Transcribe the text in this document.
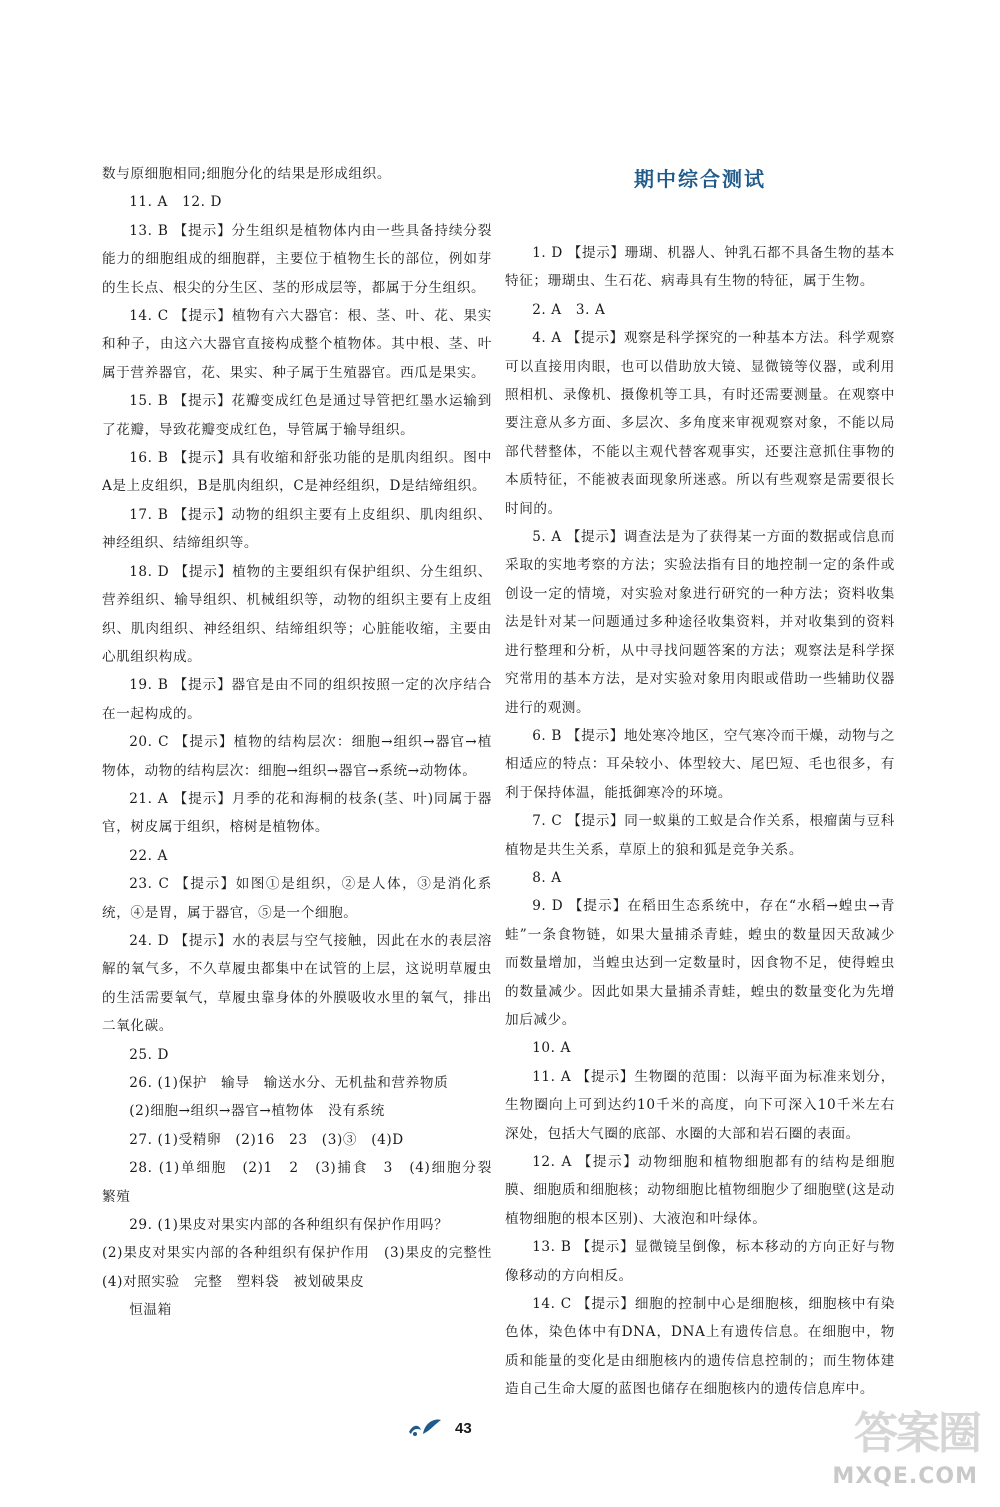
数与原细胞相同;细胞分化的结果是形成组织。

11. A　12. D

13. B 【提示】分生组织是植物体内由一些具备持续分裂能力的细胞组成的细胞群，主要位于植物生长的部位，例如芽的生长点、根尖的分生区、茎的形成层等，都属于分生组织。

14. C 【提示】植物有六大器官：根、茎、叶、花、果实和种子，由这六大器官直接构成整个植物体。其中根、茎、叶属于营养器官，花、果实、种子属于生殖器官。西瓜是果实。

15. B 【提示】花瓣变成红色是通过导管把红墨水运输到了花瓣，导致花瓣变成红色，导管属于输导组织。

16. B 【提示】具有收缩和舒张功能的是肌肉组织。图中A是上皮组织，B是肌肉组织，C是神经组织，D是结缔组织。

17. B 【提示】动物的组织主要有上皮组织、肌肉组织、神经组织、结缔组织等。

18. D 【提示】植物的主要组织有保护组织、分生组织、营养组织、输导组织、机械组织等，动物的组织主要有上皮组织、肌肉组织、神经组织、结缔组织等；心脏能收缩，主要由心肌组织构成。

19. B 【提示】器官是由不同的组织按照一定的次序结合在一起构成的。

20. C 【提示】植物的结构层次：细胞→组织→器官→植物体，动物的结构层次：细胞→组织→器官→系统→动物体。

21. A 【提示】月季的花和海桐的枝条(茎、叶)同属于器官，树皮属于组织，榕树是植物体。

22. A

23. C 【提示】如图①是组织，②是人体，③是消化系统，④是胃，属于器官，⑤是一个细胞。

24. D 【提示】水的表层与空气接触，因此在水的表层溶解的氧气多，不久草履虫都集中在试管的上层，这说明草履虫的生活需要氧气，草履虫靠身体的外膜吸收水里的氧气，排出二氧化碳。

25. D

26. (1)保护　输导　输送水分、无机盐和营养物质

(2)细胞→组织→器官→植物体　没有系统

27. (1)受精卵　(2)16　23　(3)③　(4)D

28. (1)单细胞　(2)1　2　(3)捕食　3　(4)细胞分裂　繁殖

29. (1)果皮对果实内部的各种组织有保护作用吗？

(2)果皮对果实内部的各种组织有保护作用　(3)果皮的完整性　(4)对照实验　完整　塑料袋　被划破果皮

恒温箱

期中综合测试

1. D 【提示】珊瑚、机器人、钟乳石都不具备生物的基本特征；珊瑚虫、生石花、病毒具有生物的特征，属于生物。

2. A　3. A

4. A 【提示】观察是科学探究的一种基本方法。科学观察可以直接用肉眼，也可以借助放大镜、显微镜等仪器，或利用照相机、录像机、摄像机等工具，有时还需要测量。在观察中要注意从多方面、多层次、多角度来审视观察对象，不能以局部代替整体，不能以主观代替客观事实，还要注意抓住事物的本质特征，不能被表面现象所迷惑。所以有些观察是需要很长时间的。

5. A 【提示】调查法是为了获得某一方面的数据或信息而采取的实地考察的方法；实验法指有目的地控制一定的条件或创设一定的情境，对实验对象进行研究的一种方法；资料收集法是针对某一问题通过多种途径收集资料，并对收集到的资料进行整理和分析，从中寻找问题答案的方法；观察法是科学探究常用的基本方法，是对实验对象用肉眼或借助一些辅助仪器进行的观测。

6. B 【提示】地处寒冷地区，空气寒冷而干燥，动物与之相适应的特点：耳朵较小、体型较大、尾巴短、毛也很多，有利于保持体温，能抵御寒冷的环境。

7. C 【提示】同一蚁巢的工蚁是合作关系，根瘤菌与豆科植物是共生关系，草原上的狼和狐是竞争关系。

8. A

9. D 【提示】在稻田生态系统中，存在“水稻→蝗虫→青蛙”一条食物链，如果大量捕杀青蛙，蝗虫的数量因天敌减少而数量增加，当蝗虫达到一定数量时，因食物不足，使得蝗虫的数量减少。因此如果大量捕杀青蛙，蝗虫的数量变化为先增加后减少。

10. A

11. A 【提示】生物圈的范围：以海平面为标准来划分，生物圈向上可到达约10千米的高度，向下可深入10千米左右深处，包括大气圈的底部、水圈的大部和岩石圈的表面。

12. A 【提示】动物细胞和植物细胞都有的结构是细胞膜、细胞质和细胞核；动物细胞比植物细胞少了细胞壁(这是动植物细胞的根本区别)、大液泡和叶绿体。

13. B 【提示】显微镜呈倒像，标本移动的方向正好与物像移动的方向相反。

14. C 【提示】细胞的控制中心是细胞核，细胞核中有染色体，染色体中有DNA，DNA上有遗传信息。在细胞中，物质和能量的变化是由细胞核内的遗传信息控制的；而生物体建造自己生命大厦的蓝图也储存在细胞核内的遗传信息库中。

43	答案圈
MXQE.COM
